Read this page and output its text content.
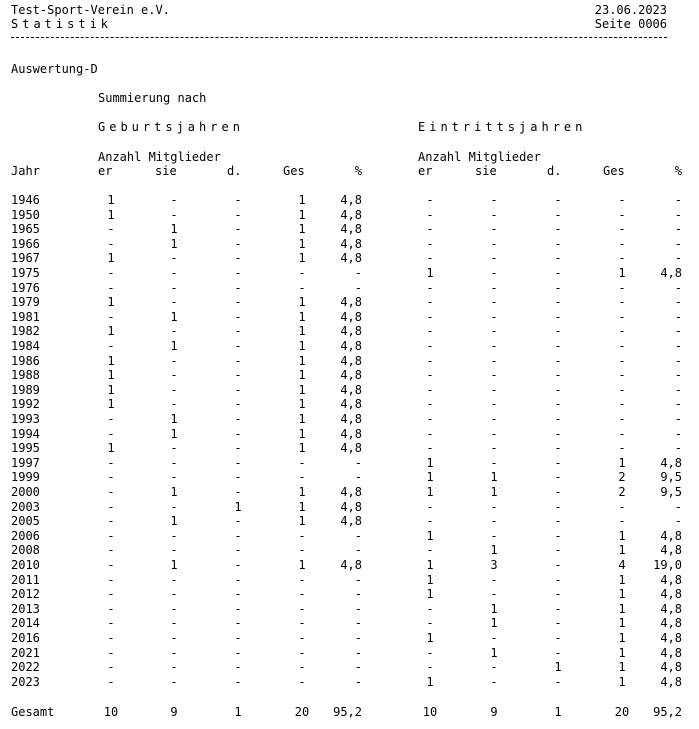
Test-Sport-Verein e.V.	23.06.2023
Statistik	Seite 0006
Auswertung-D
Summierung nach
Geburtsjahren	Eintrittsjahren
Anzahl Mitglieder	Anzahl Mitglieder
Jahr	er	sie	d.	Ges	%	er	sie	d.	Ges	%
1946	1	-	-	1	4,8	-	-	-	-	-
1950	1	-	-	1	4,8	-	-	-	-	-
1965	-	1	-	1	4,8	-	-	-	-	-
1966	-	1	-	1	4,8	-	-	-	-	-
1967	1	-	-	1	4,8	-	-	-	-	-
1975	-	-	-	-	-	1	-	-	1	4,8
1976	-	-	-	-	-	-	-	-	-	-
1979	1	-	-	1	4,8	-	-	-	-	-
1981	-	1	-	1	4,8	-	-	-	-	-
1982	1	-	-	1	4,8	-	-	-	-	-
1984	-	1	-	1	4,8	-	-	-	-	-
1986	1	-	-	1	4,8	-	-	-	-	-
1988	1	-	-	1	4,8	-	-	-	-	-
1989	1	-	-	1	4,8	-	-	-	-	-
1992	1	-	-	1	4,8	-	-	-	-	-
1993	-	1	-	1	4,8	-	-	-	-	-
1994	-	1	-	1	4,8	-	-	-	-	-
1995	1	-	-	1	4,8	-	-	-	-	-
1997	-	-	-	-	-	1	-	-	1	4,8
1999	-	-	-	-	-	1	1	-	2	9,5
2000	-	1	-	1	4,8	1	1	-	2	9,5
2003	-	-	1	1	4,8	-	-	-	-	-
2005	-	1	-	1	4,8	-	-	-	-	-
2006	-	-	-	-	-	1	-	-	1	4,8
2008	-	-	-	-	-	-	1	-	1	4,8
2010	-	1	-	1	4,8	1	3	-	4	19,0
2011	-	-	-	-	-	1	-	-	1	4,8
2012	-	-	-	-	-	1	-	-	1	4,8
2013	-	-	-	-	-	-	1	-	1	4,8
2014	-	-	-	-	-	-	1	-	1	4,8
2016	-	-	-	-	-	1	-	-	1	4,8
2021	-	-	-	-	-	-	1	-	1	4,8
2022	-	-	-	-	-	-	-	1	1	4,8
2023	-	-	-	-	-	1	-	-	1	4,8
Gesamt	10	9	1	20	95,2	10	9	1	20	95,2
